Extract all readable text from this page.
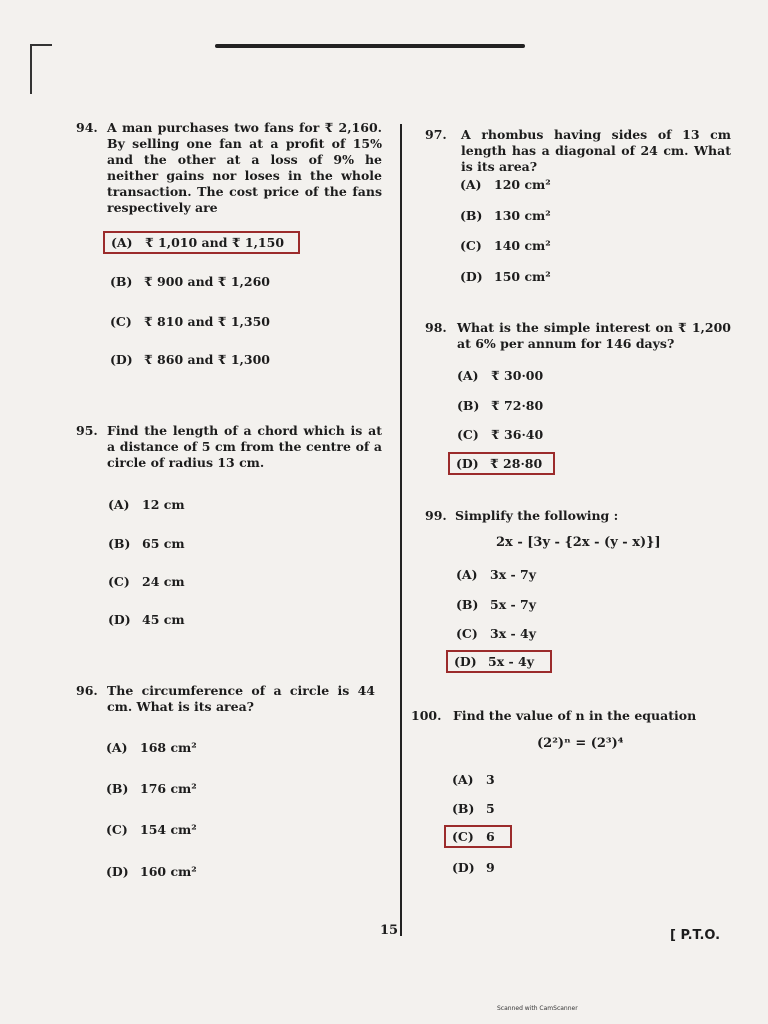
94. A man purchases two fans for ₹ 2,160. By selling one fan at a profit of 15% and the other at a loss of 9% he neither gains nor loses in the whole transaction. The cost price of the fans respectively are
(A) ₹ 1,010 and ₹ 1,150
(B) ₹ 900 and ₹ 1,260
(C) ₹ 810 and ₹ 1,350
(D) ₹ 860 and ₹ 1,300
95. Find the length of a chord which is at a distance of 5 cm from the centre of a circle of radius 13 cm.
(A) 12 cm
(B) 65 cm
(C) 24 cm
(D) 45 cm
96. The circumference of a circle is 44 cm. What is its area?
(A) 168 cm²
(B) 176 cm²
(C) 154 cm²
(D) 160 cm²
97. A rhombus having sides of 13 cm length has a diagonal of 24 cm. What is its area?
(A) 120 cm²
(B) 130 cm²
(C) 140 cm²
(D) 150 cm²
98. What is the simple interest on ₹ 1,200 at 6% per annum for 146 days?
(A) ₹ 30·00
(B) ₹ 72·80
(C) ₹ 36·40
(D) ₹ 28·80
99. Simplify the following :
2x - [3y - {2x - (y - x)}]
(A) 3x - 7y
(B) 5x - 7y
(C) 3x - 4y
(D) 5x - 4y
100. Find the value of n in the equation
(2²)ⁿ = (2³)⁴
(A) 3
(B) 5
(C) 6
(D) 9
15	[ P.T.O.
Scanned with CamScanner
